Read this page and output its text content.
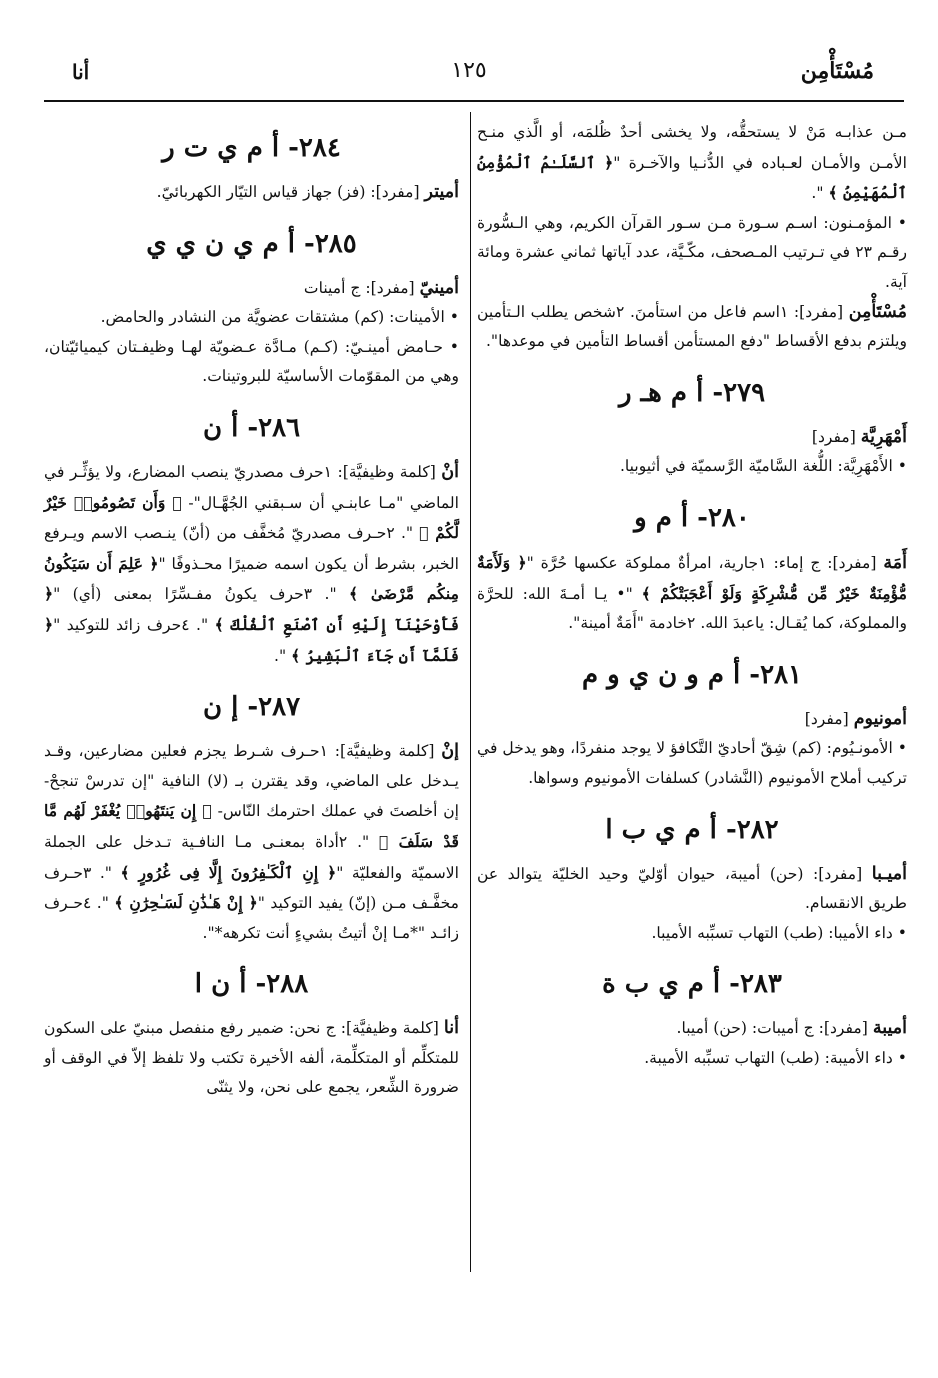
مُسْتَأْمِن
١٢٥
أنا

مـن عذابـه مَنْ لا يستحقُّه، ولا يخشى أحدٌ ظُلمَه، أو الَّذي منـح الأمـن والأمـان لعـباده في الدُّنـيا والآخـرة "﴿ ٱلسَّلَـٰمُ ٱلْمُؤْمِنُ ٱلْمُهَيْمِنُ ﴾ ".

• المؤمـنون: اسـم سـورة مـن سـور القرآن الكريم، وهي الـسُّورة رقـم ٢٣ في تـرتيب المـصحف، مكّـيَّة، عدد آياتها ثماني عشرة ومائة آية.

مُسْتَأْمِن [مفرد]: ١اسم فاعل من استأمنَ. ٢شخص يطلب الـتأمين ويلتزم بدفع الأقساط "دفع المستأمن أقساط التأمين في موعدها".

٢٧٩- أ م هـ ر

أَمْهَرِيَّة [مفرد]

• الأَمْهَرِيَّة: اللُّغة السَّاميّة الرَّسميّة في أثيوبيا.

٢٨٠- أ م و

أَمَة [مفرد]: ج إماء: ١جارية، امرأةٌ مملوكة عكسها حُرَّة "﴿ وَلَأَمَةٌ مُّؤْمِنَةٌ خَيْرٌ مِّن مُّشْرِكَةٍ وَلَوْ أَعْجَبَتْكُمْ ﴾ "• يـا أمـةَ الله: للحرَّة والمملوكة، كما يُقـال: ياعبدَ الله. ٢خادمة "أَمَةٌ أمينة".

٢٨١- أ م و ن ي و م

أمونيوم [مفرد]

• الأمونـيُوم: (كم) شِقّ أحاديّ التَّكافؤ لا يوجد منفردًا، وهو يدخل في تركيب أملاح الأمونيوم (النَّشادر) كسلفات الأمونيوم وسواها.

٢٨٢- أ م ي ب ا

أميـبا [مفرد]: (حن) أميبة، حيوان أوّليّ وحيد الخليّة يتوالد عن طريق الانقسام.

• داء الأميبا: (طب) التهاب تسبِّبه الأميبا.

٢٨٣- أ م ي ب ة

أميبة [مفرد]: ج أميبات: (حن) أميبا.

• داء الأميبة: (طب) التهاب تسبِّبه الأميبة.

٢٨٤- أ م ي ت ر

أميتر [مفرد]: (فز) جهاز قياس التيّار الكهربائيّ.

٢٨٥- أ م ي ن ي ي

أمينيّ [مفرد]: ج أمينات

• الأمينات: (كم) مشتقات عضويَّة من النشادر والحامض.

• حـامض أمينـيّ: (كـم) مـادَّة عـضويّة لهـا وظيفـتان كيميائيّتان، وهي من المقوّمات الأساسيّة للبروتينات.

٢٨٦- أ ن

أنْ [كلمة وظيفيَّة]: ١حرف مصدريّ ينصب المضارع، ولا يؤثِّـر في الماضي "مـا عابنـي أن سـبقني الجُهَّـال"- ﴿ وَأَن تَصُومُوا۟ خَيْرٌ لَّكُمْ ﴾ ". ٢حـرف مصدريّ مُخفَّف من (أنّ) ينـصب الاسم ويـرفع الخبر، بشرط أن يكون اسمه ضميرًا محـذوفًا "﴿ عَلِمَ أَن سَيَكُونُ مِنكُم مَّرْضَىٰ ﴾ ". ٣حرف يكونُ مفـسِّرًا بمعنى (أي) "﴿ فَأَوْحَيْنَآ إِلَيْهِ أَنِ ٱصْنَعِ ٱلْفُلْكَ ﴾ ". ٤حرف زائد للتوكيد "﴿ فَلَمَّآ أَن جَآءَ ٱلْبَشِيرُ ﴾ ".

٢٨٧- إ ن

إنْ [كلمة وظيفيَّة]: ١حـرف شـرط يجزم فعلين مضارعين، وقـد يـدخل على الماضي، وقد يقترن بـ (لا) النافية "إن تدرسْ تنجحْ- إن أخلصتَ في عملك احترمك النّاس- ﴿ إِن يَنتَهُوا۟ يُغْفَرْ لَهُم مَّا قَدْ سَلَفَ ﴾ ". ٢أداة بمعنـى مـا النافـية تـدخل على الجملة الاسميّة والفعليّة "﴿ إِنِ ٱلْكَـٰفِرُونَ إِلَّا فِى غُرُورٍ ﴾ ". ٣حـرف مخفَّـف مـن (إنّ) يفيد التوكيد "﴿ إِنْ هَـٰذَٰنِ لَسَـٰحِرَٰنِ ﴾ ". ٤حـرف زائـد "*مـا إنْ أتيتُ بشيءٍ أنت تكرهه*".

٢٨٨- أ ن ا

أنا [كلمة وظيفيَّة]: ج نحن: ضمير رفع منفصل مبنيّ على السكون للمتكلِّم أو المتكلِّمة، ألفه الأخيرة تكتب ولا تلفظ إلاّ في الوقف أو ضرورة الشِّعر، يجمع على نحن، ولا يثنّى
